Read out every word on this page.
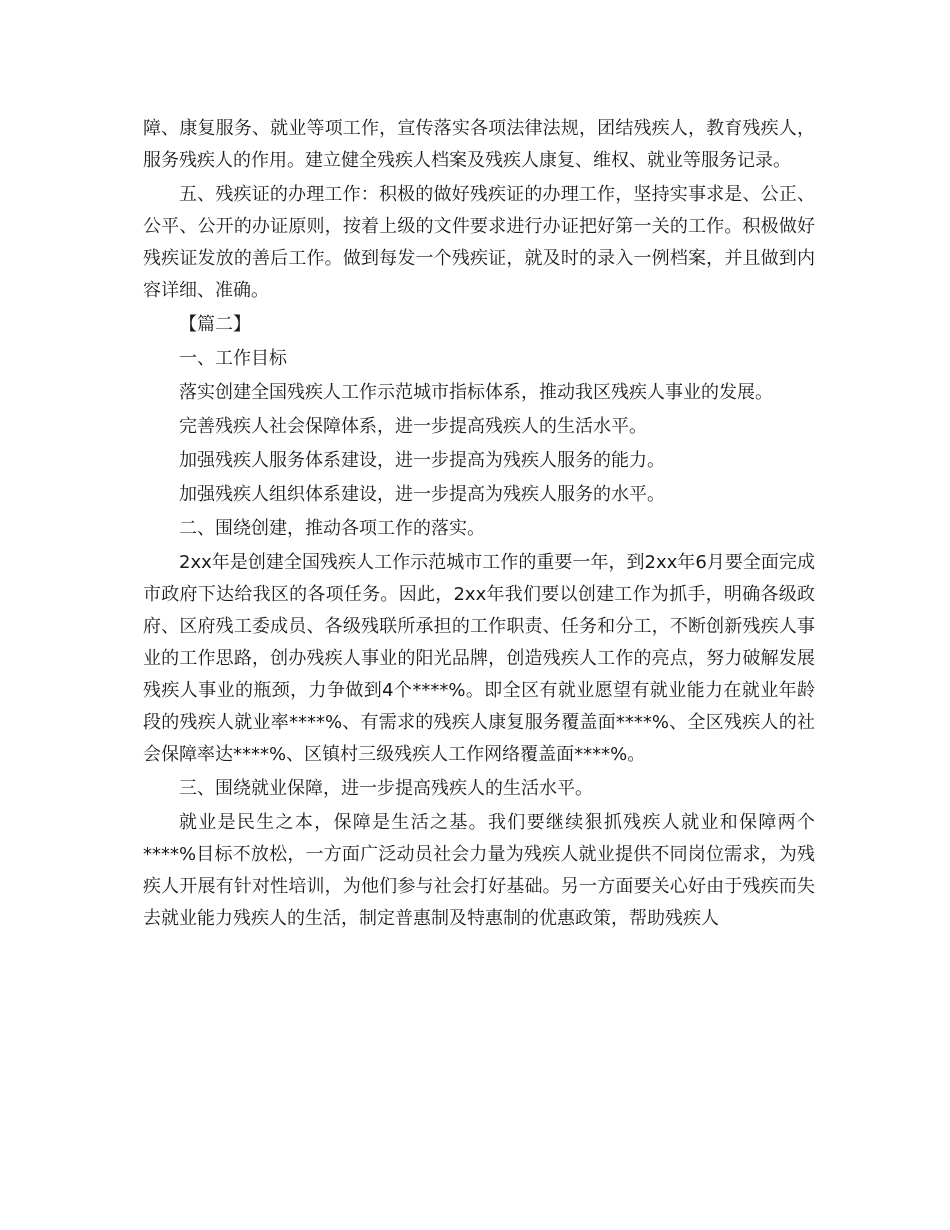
障、康复服务、就业等项工作，宣传落实各项法律法规，团结残疾人，教育残疾人，服务残疾人的作用。建立健全残疾人档案及残疾人康复、维权、就业等服务记录。

五、残疾证的办理工作：积极的做好残疾证的办理工作，坚持实事求是、公正、公平、公开的办证原则，按着上级的文件要求进行办证把好第一关的工作。积极做好残疾证发放的善后工作。做到每发一个残疾证，就及时的录入一例档案，并且做到内容详细、准确。

【篇二】

一、工作目标

落实创建全国残疾人工作示范城市指标体系，推动我区残疾人事业的发展。

完善残疾人社会保障体系，进一步提高残疾人的生活水平。

加强残疾人服务体系建设，进一步提高为残疾人服务的能力。

加强残疾人组织体系建设，进一步提高为残疾人服务的水平。

二、围绕创建，推动各项工作的落实。

2xx年是创建全国残疾人工作示范城市工作的重要一年，到2xx年6月要全面完成市政府下达给我区的各项任务。因此，2xx年我们要以创建工作为抓手，明确各级政府、区府残工委成员、各级残联所承担的工作职责、任务和分工，不断创新残疾人事业的工作思路，创办残疾人事业的阳光品牌，创造残疾人工作的亮点，努力破解发展残疾人事业的瓶颈，力争做到4个****%。即全区有就业愿望有就业能力在就业年龄段的残疾人就业率****%、有需求的残疾人康复服务覆盖面****%、全区残疾人的社会保障率达****%、区镇村三级残疾人工作网络覆盖面****%。

三、围绕就业保障，进一步提高残疾人的生活水平。

就业是民生之本，保障是生活之基。我们要继续狠抓残疾人就业和保障两个****%目标不放松，一方面广泛动员社会力量为残疾人就业提供不同岗位需求，为残疾人开展有针对性培训，为他们参与社会打好基础。另一方面要关心好由于残疾而失去就业能力残疾人的生活，制定普惠制及特惠制的优惠政策，帮助残疾人
